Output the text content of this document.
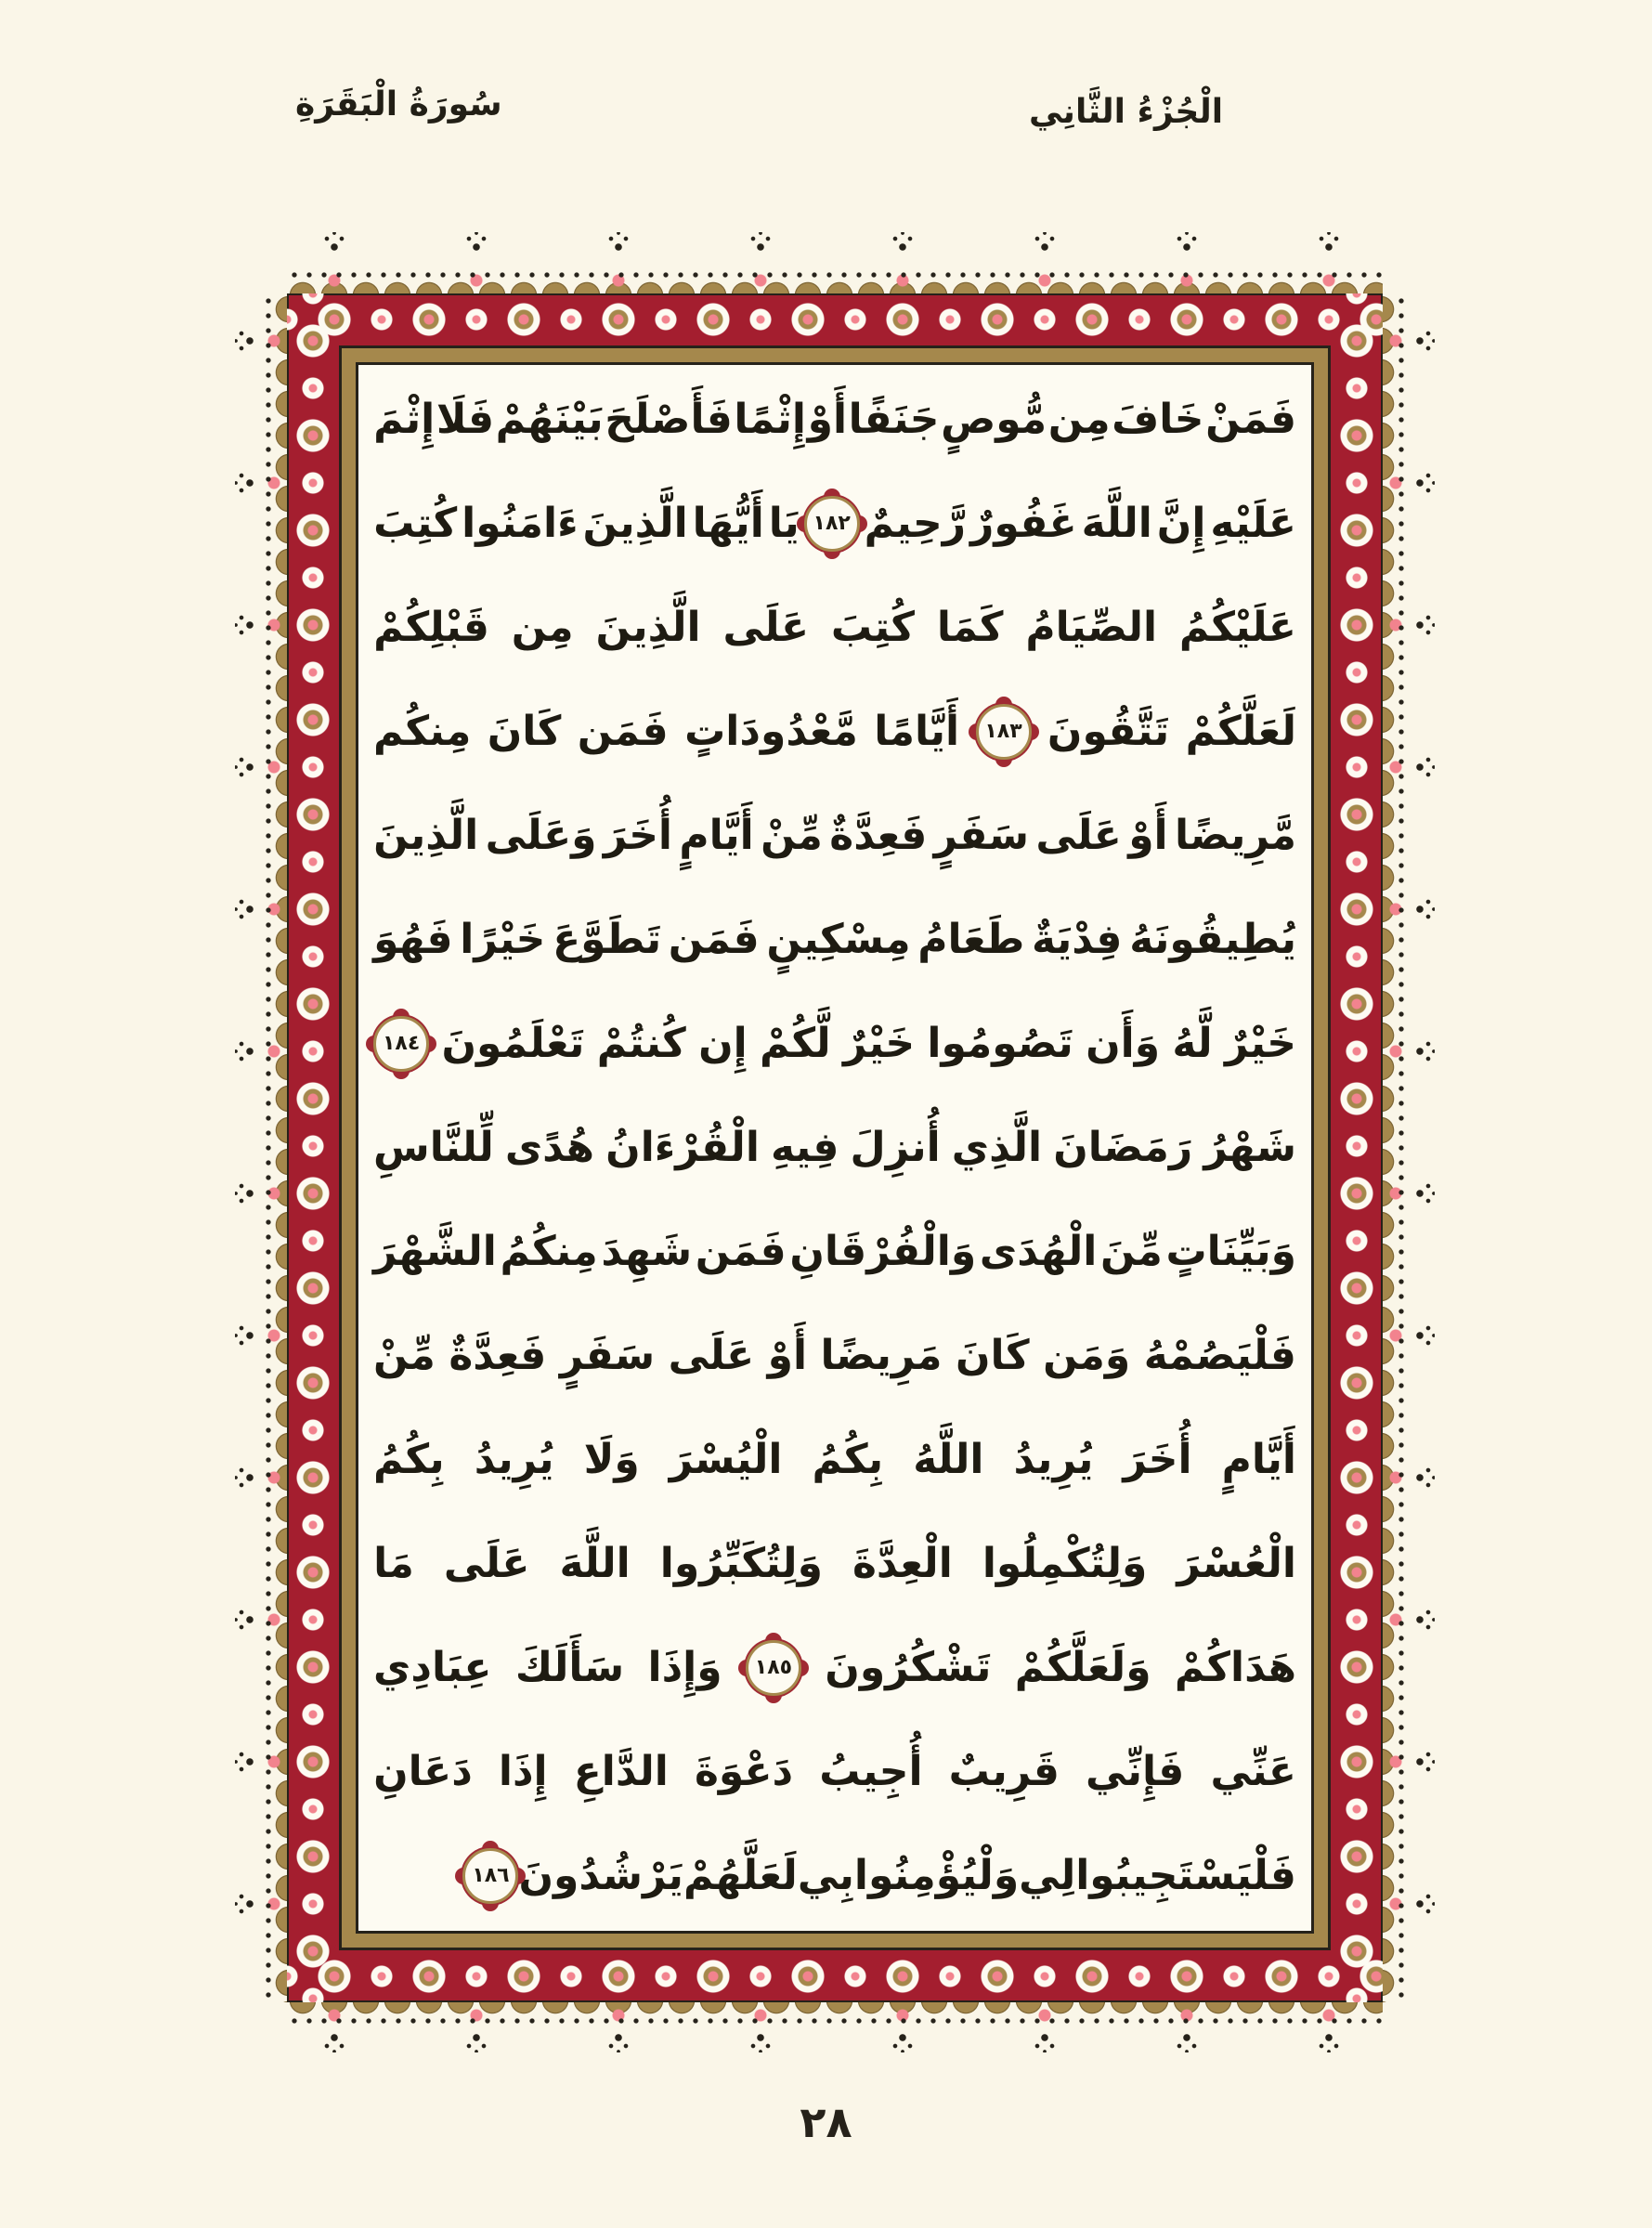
سُورَةُ الْبَقَرَةِ	الْجُزْءُ الثَّانِي
فَمَنْ
خَافَ
مِن
مُّوصٍ
جَنَفًا
أَوْ
إِثْمًا
فَأَصْلَحَ
بَيْنَهُمْ
فَلَا
إِثْمَ
عَلَيْهِ
إِنَّ
اللَّهَ
غَفُورٌ
رَّحِيمٌ
١٨٢
يَا
أَيُّهَا
الَّذِينَ
ءَامَنُوا
كُتِبَ
عَلَيْكُمُ
الصِّيَامُ
كَمَا
كُتِبَ
عَلَى
الَّذِينَ
مِن
قَبْلِكُمْ
لَعَلَّكُمْ
تَتَّقُونَ
١٨٣
أَيَّامًا
مَّعْدُودَاتٍ
فَمَن
كَانَ
مِنكُم
مَّرِيضًا
أَوْ
عَلَى
سَفَرٍ
فَعِدَّةٌ
مِّنْ
أَيَّامٍ
أُخَرَ
وَعَلَى
الَّذِينَ
يُطِيقُونَهُ
فِدْيَةٌ
طَعَامُ
مِسْكِينٍ
فَمَن
تَطَوَّعَ
خَيْرًا
فَهُوَ
خَيْرٌ
لَّهُ
وَأَن
تَصُومُوا
خَيْرٌ
لَّكُمْ
إِن
كُنتُمْ
تَعْلَمُونَ
١٨٤
شَهْرُ
رَمَضَانَ
الَّذِي
أُنزِلَ
فِيهِ
الْقُرْءَانُ
هُدًى
لِّلنَّاسِ
وَبَيِّنَاتٍ
مِّنَ
الْهُدَى
وَالْفُرْقَانِ
فَمَن
شَهِدَ
مِنكُمُ
الشَّهْرَ
فَلْيَصُمْهُ
وَمَن
كَانَ
مَرِيضًا
أَوْ
عَلَى
سَفَرٍ
فَعِدَّةٌ
مِّنْ
أَيَّامٍ
أُخَرَ
يُرِيدُ
اللَّهُ
بِكُمُ
الْيُسْرَ
وَلَا
يُرِيدُ
بِكُمُ
الْعُسْرَ
وَلِتُكْمِلُوا
الْعِدَّةَ
وَلِتُكَبِّرُوا
اللَّهَ
عَلَى
مَا
هَدَاكُمْ
وَلَعَلَّكُمْ
تَشْكُرُونَ
١٨٥
وَإِذَا
سَأَلَكَ
عِبَادِي
عَنِّي
فَإِنِّي
قَرِيبٌ
أُجِيبُ
دَعْوَةَ
الدَّاعِ
إِذَا
دَعَانِ
فَلْيَسْتَجِيبُوا
لِي
وَلْيُؤْمِنُوا
بِي
لَعَلَّهُمْ
يَرْشُدُونَ
١٨٦
٢٨
